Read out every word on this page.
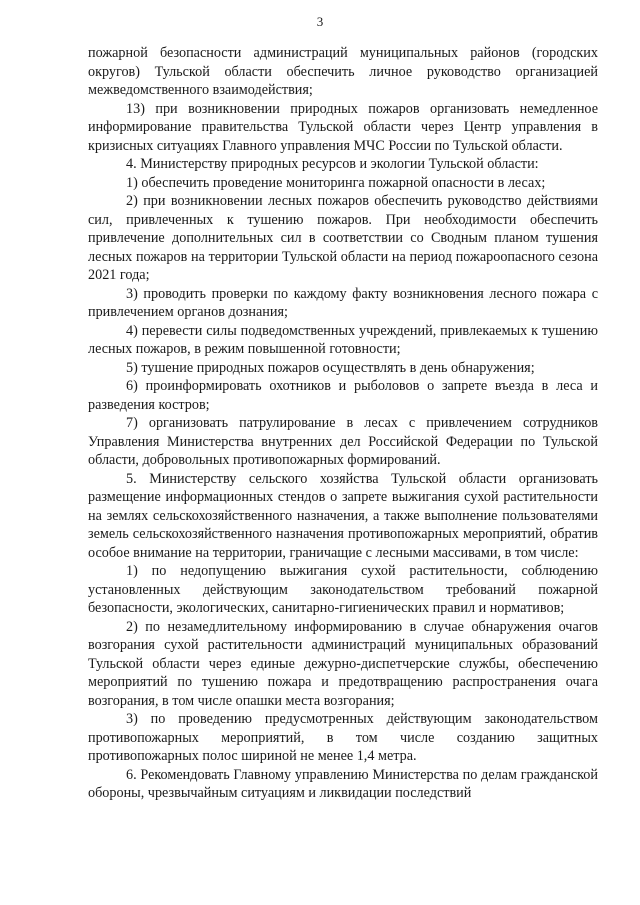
3

пожарной безопасности администраций муниципальных районов (городских округов) Тульской области обеспечить личное руководство организацией межведомственного взаимодействия;

13) при возникновении природных пожаров организовать немедленное информирование правительства Тульской области через Центр управления в кризисных ситуациях Главного управления МЧС России по Тульской области.

4. Министерству природных ресурсов и экологии Тульской области:

1) обеспечить проведение мониторинга пожарной опасности в лесах;

2) при возникновении лесных пожаров обеспечить руководство действиями сил, привлеченных к тушению пожаров. При необходимости обеспечить привлечение дополнительных сил в соответствии со Сводным планом тушения лесных пожаров на территории Тульской области на период пожароопасного сезона 2021 года;

3) проводить проверки по каждому факту возникновения лесного пожара с привлечением органов дознания;

4) перевести силы подведомственных учреждений, привлекаемых к тушению лесных пожаров, в режим повышенной готовности;

5) тушение природных пожаров осуществлять в день обнаружения;

6) проинформировать охотников и рыболовов о запрете въезда в леса и разведения костров;

7) организовать патрулирование в лесах с привлечением сотрудников Управления Министерства внутренних дел Российской Федерации по Тульской области, добровольных противопожарных формирований.

5. Министерству сельского хозяйства Тульской области организовать размещение информационных стендов о запрете выжигания сухой растительности на землях сельскохозяйственного назначения, а также выполнение пользователями земель сельскохозяйственного назначения противопожарных мероприятий, обратив особое внимание на территории, граничащие с лесными массивами, в том числе:

1) по недопущению выжигания сухой растительности, соблюдению установленных действующим законодательством требований пожарной безопасности, экологических, санитарно-гигиенических правил и нормативов;

2) по незамедлительному информированию в случае обнаружения очагов возгорания сухой растительности администраций муниципальных образований Тульской области через единые дежурно-диспетчерские службы, обеспечению мероприятий по тушению пожара и предотвращению распространения очага возгорания, в том числе опашки места возгорания;

3) по проведению предусмотренных действующим законодательством противопожарных мероприятий, в том числе созданию защитных противопожарных полос шириной не менее 1,4 метра.

6. Рекомендовать Главному управлению Министерства по делам гражданской обороны, чрезвычайным ситуациям и ликвидации последствий
